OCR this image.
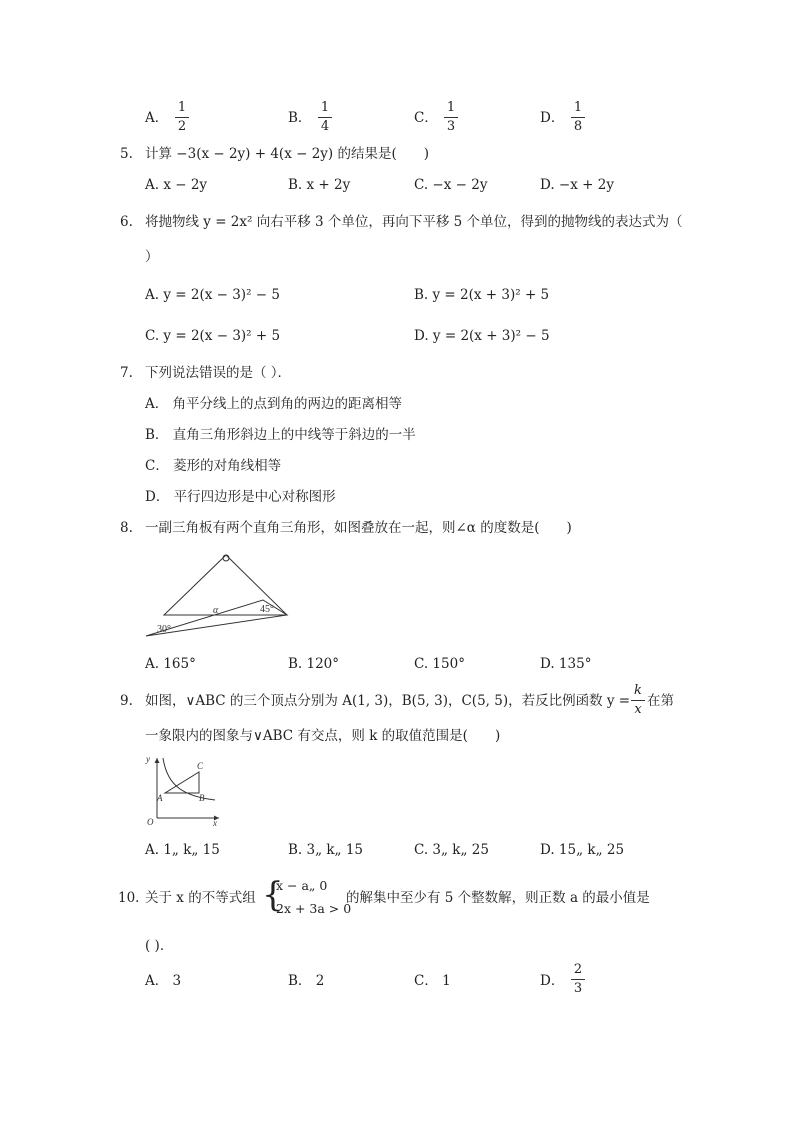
A．
1
2
B．
1
4
C．
1
3
D．
1
8
5. 计算 −3(x − 2y) + 4(x − 2y) 的结果是(　　)
A. x − 2y	B. x + 2y	C. −x − 2y	D. −x + 2y
6. 将抛物线 y = 2x² 向右平移 3 个单位，再向下平移 5 个单位，得到的抛物线的表达式为（
）
A. y = 2(x − 3)² − 5	B. y = 2(x + 3)² + 5
C. y = 2(x − 3)² + 5	D. y = 2(x + 3)² − 5
7. 下列说法错误的是（ ）．
A． 角平分线上的点到角的两边的距离相等
B． 直角三角形斜边上的中线等于斜边的一半
C． 菱形的对角线相等
D． 平行四边形是中心对称图形
8. 一副三角板有两个直角三角形，如图叠放在一起，则∠α 的度数是(　　)
α	45°
30°
A. 165°	B. 120°	C. 150°	D. 135°
9. 如图，∨ABC 的三个顶点分别为 A(1, 3)，B(5, 3)，C(5, 5)，若反比例函数 y =
k
x
在第
一象限内的图象与∨ABC 有交点，则 k 的取值范围是(　　)
y
x
O
A	B
C
A. 1„ k„ 15	B. 3„ k„ 15	C. 3„ k„ 25	D. 15„ k„ 25
10. 关于 x 的不等式组 {
x − a„ 0
2x + 3a > 0
的解集中至少有 5 个整数解，则正数 a 的最小值是
( )．
A． 3	B． 2	C． 1	D．
2
3
